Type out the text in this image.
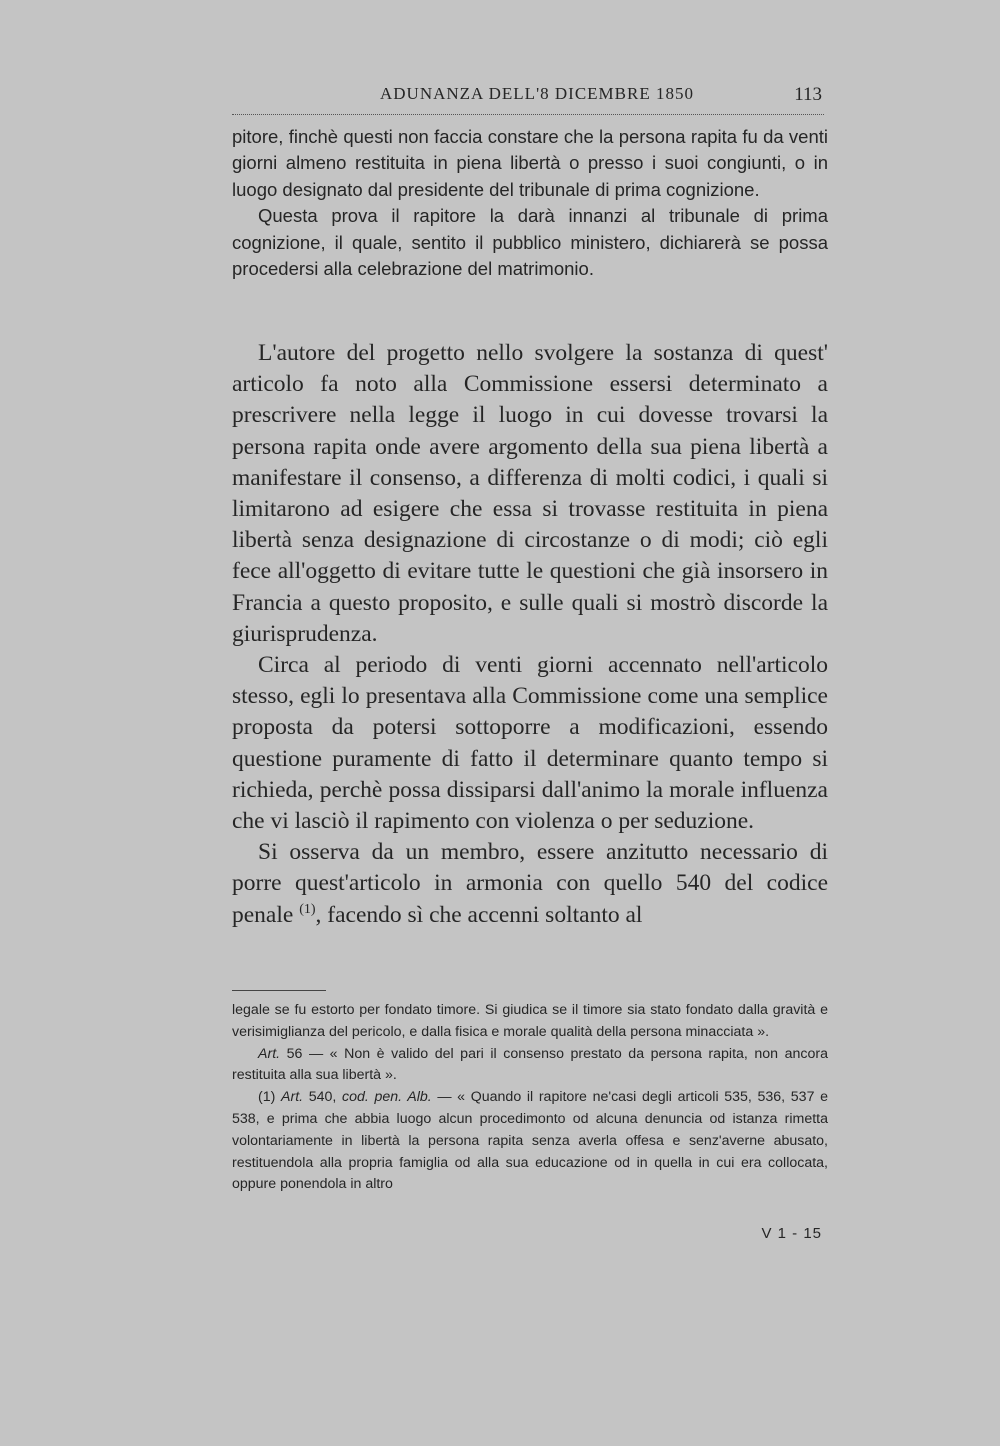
ADUNANZA DELL'8 DICEMBRE 1850	113

pitore, finchè questi non faccia constare che la persona rapita fu da venti giorni almeno restituita in piena libertà o presso i suoi congiunti, o in luogo designato dal presidente del tribunale di prima cognizione.

Questa prova il rapitore la darà innanzi al tribunale di prima cognizione, il quale, sentito il pubblico ministero, dichiarerà se possa procedersi alla celebrazione del matrimonio.

L'autore del progetto nello svolgere la sostanza di quest' articolo fa noto alla Commissione essersi determinato a prescrivere nella legge il luogo in cui dovesse trovarsi la persona rapita onde avere argomento della sua piena libertà a manifestare il consenso, a differenza di molti codici, i quali si limitarono ad esigere che essa si trovasse restituita in piena libertà senza designazione di circostanze o di modi; ciò egli fece all'oggetto di evitare tutte le questioni che già insorsero in Francia a questo proposito, e sulle quali si mostrò discorde la giurisprudenza.

Circa al periodo di venti giorni accennato nell'articolo stesso, egli lo presentava alla Commissione come una semplice proposta da potersi sottoporre a modificazioni, essendo questione puramente di fatto il determinare quanto tempo si richieda, perchè possa dissiparsi dall'animo la morale influenza che vi lasciò il rapimento con violenza o per seduzione.

Si osserva da un membro, essere anzitutto necessario di porre quest'articolo in armonia con quello 540 del codice penale $^{(1)}$, facendo sì che accenni soltanto al

legale se fu estorto per fondato timore. Si giudica se il timore sia stato fondato dalla gravità e verisimiglianza del pericolo, e dalla fisica e morale qualità della persona minacciata ».

Art. 56 — « Non è valido del pari il consenso prestato da persona rapita, non ancora restituita alla sua libertà ».

(1) Art. 540, cod. pen. Alb. — « Quando il rapitore ne'casi degli articoli 535, 536, 537 e 538, e prima che abbia luogo alcun procedimonto od alcuna denuncia od istanza rimetta volontariamente in libertà la persona rapita senza averla offesa e senz'averne abusato, restituendola alla propria famiglia od alla sua educazione od in quella in cui era collocata, oppure ponendola in altro

V 1 - 15
